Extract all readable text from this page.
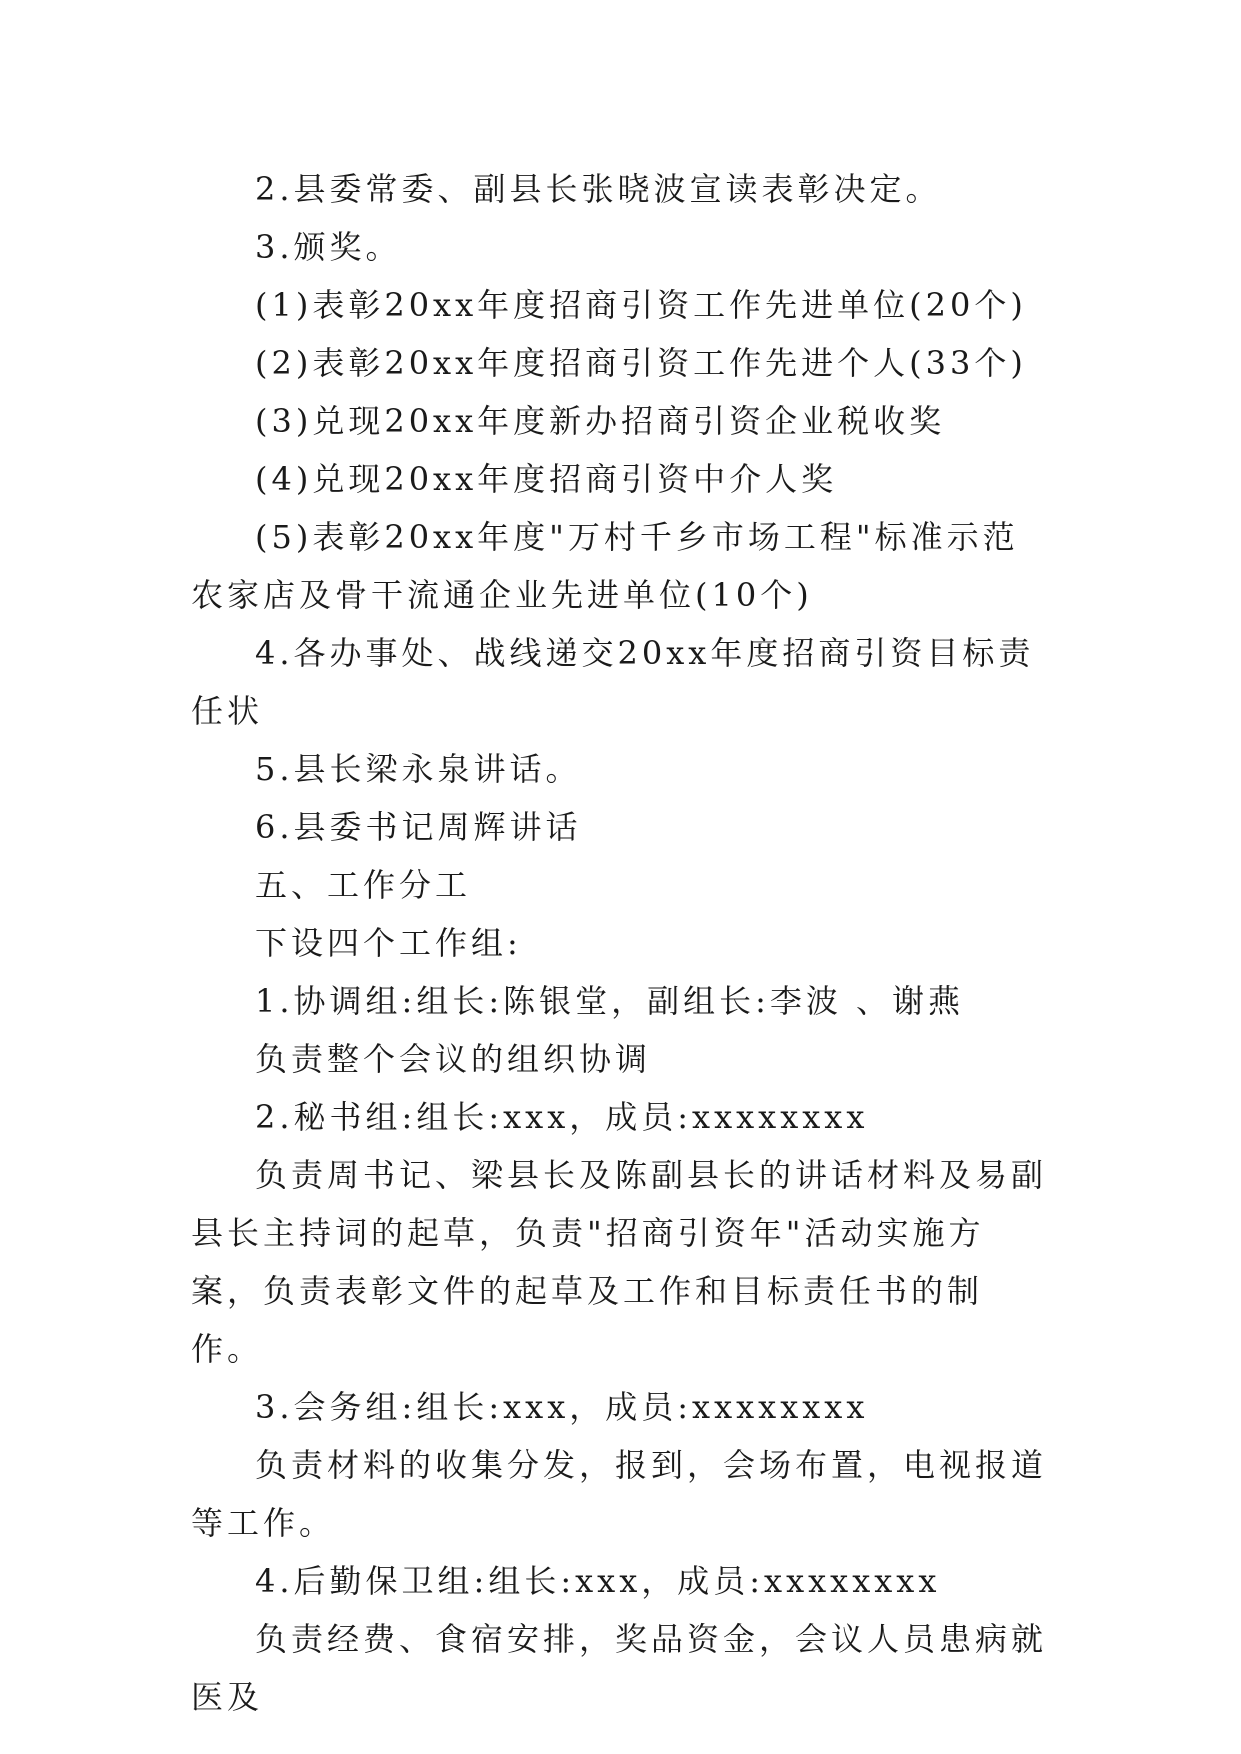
2.县委常委、副县长张晓波宣读表彰决定。

3.颁奖。

(1)表彰20xx年度招商引资工作先进单位(20个)

(2)表彰20xx年度招商引资工作先进个人(33个)

(3)兑现20xx年度新办招商引资企业税收奖

(4)兑现20xx年度招商引资中介人奖

(5)表彰20xx年度"万村千乡市场工程"标准示范农家店及骨干流通企业先进单位(10个)

4.各办事处、战线递交20xx年度招商引资目标责任状

5.县长梁永泉讲话。

6.县委书记周辉讲话

五、工作分工

下设四个工作组:

1.协调组:组长:陈银堂，副组长:李波 、谢燕

负责整个会议的组织协调

2.秘书组:组长:xxx，成员:xxxxxxxx

负责周书记、梁县长及陈副县长的讲话材料及易副县长主持词的起草，负责"招商引资年"活动实施方案，负责表彰文件的起草及工作和目标责任书的制作。

3.会务组:组长:xxx，成员:xxxxxxxx

负责材料的收集分发，报到，会场布置，电视报道等工作。

4.后勤保卫组:组长:xxx，成员:xxxxxxxx

负责经费、食宿安排，奖品资金，会议人员患病就医及
